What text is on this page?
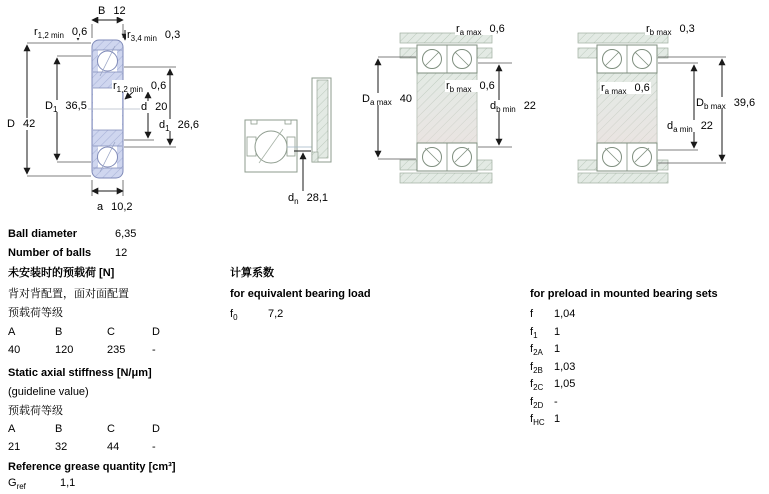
B 12
$r_{1,2 min}$ 0,6	$r_{3,4 min}$ 0,3
$D_1$ 36,5
D 42
$r_{1,2 min}$ 0,6
d 20
$d_1$ 26,6
a 10,2
$d_n$ 28,1
$r_{a max}$ 0,6
$D_{a max}$ 40
$r_{b max}$ 0,6
$d_{b min}$ 22
$r_{b max}$ 0,3
$r_{a max}$ 0,6
$D_{b max}$ 39,6
$d_{a min}$ 22
Ball diameter	6,35
Number of balls 12
未安装时的预载荷 [N]
背对背配置，面对面配置
预载荷等级
A	B	C	D
40	120	235 -
Static axial stiffness [N/μm]
(guideline value)
预载荷等级
A	B	C	D
21	32	44	-
Reference grease quantity [cm³]
$G_{ref}$	1,1
计算系数
for equivalent bearing load
$f_0$	7,2
for preload in mounted bearing sets
f 1,04
$f_1$ 1
$f_{2A}$ 1
$f_{2B}$ 1,03
$f_{2C}$ 1,05
$f_{2D}$ -
$f_{HC}$ 1
